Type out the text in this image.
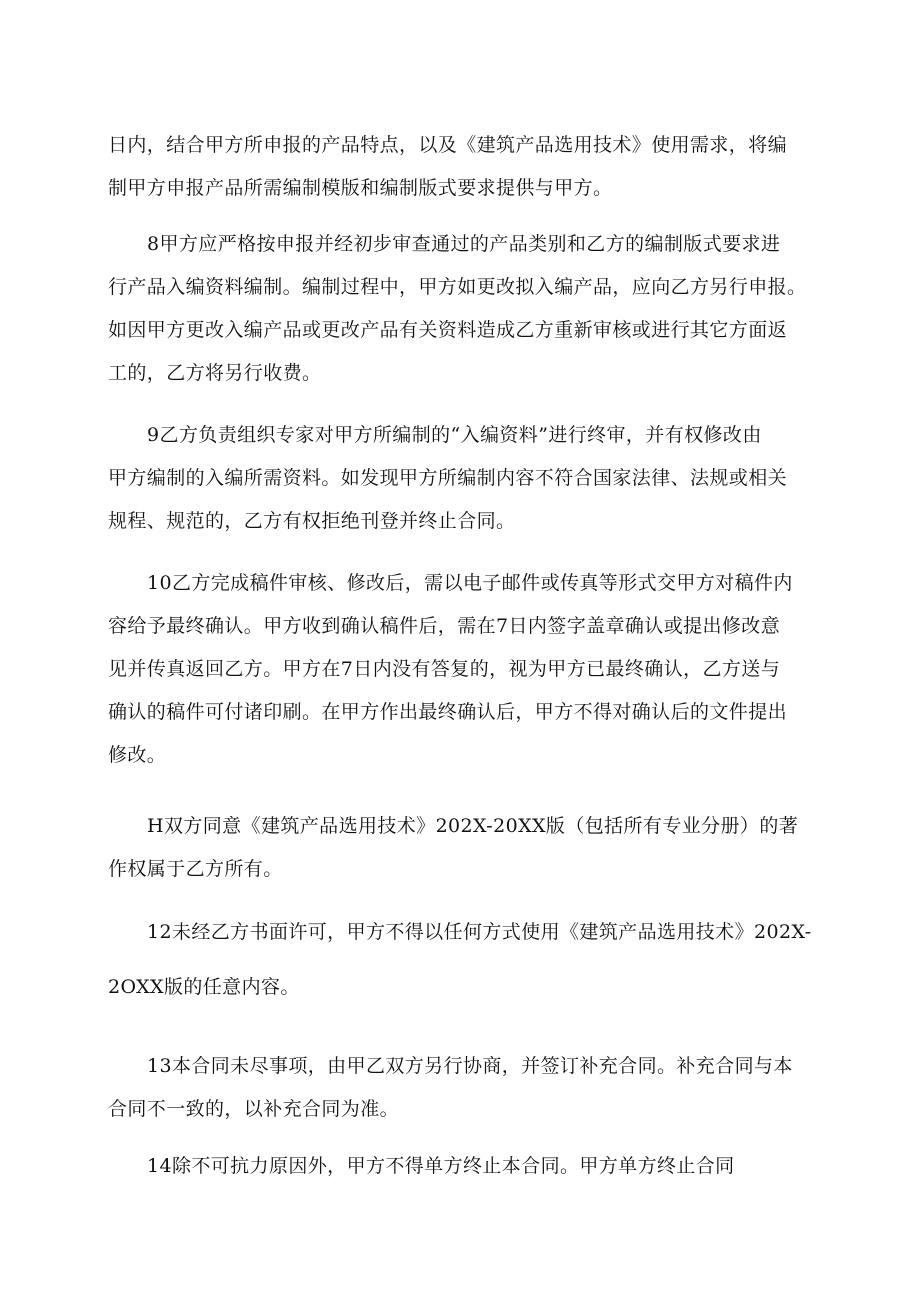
日内，结合甲方所申报的产品特点，以及《建筑产品选用技术》使用需求，将编
制甲方申报产品所需编制模版和编制版式要求提供与甲方。

8甲方应严格按申报并经初步审查通过的产品类别和乙方的编制版式要求进
行产品入编资料编制。编制过程中，甲方如更改拟入编产品，应向乙方另行申报。
如因甲方更改入编产品或更改产品有关资料造成乙方重新审核或进行其它方面返
工的，乙方将另行收费。

9乙方负责组织专家对甲方所编制的“入编资料”进行终审，并有权修改由
甲方编制的入编所需资料。如发现甲方所编制内容不符合国家法律、法规或相关
规程、规范的，乙方有权拒绝刊登并终止合同。

10乙方完成稿件审核、修改后，需以电子邮件或传真等形式交甲方对稿件内
容给予最终确认。甲方收到确认稿件后，需在7日内签字盖章确认或提出修改意
见并传真返回乙方。甲方在7日内没有答复的，视为甲方已最终确认，乙方送与
确认的稿件可付诸印刷。在甲方作出最终确认后，甲方不得对确认后的文件提出
修改。

H双方同意《建筑产品选用技术》202X-20XX版（包括所有专业分册）的著
作权属于乙方所有。

12未经乙方书面许可，甲方不得以任何方式使用《建筑产品选用技术》202X-
2OXX版的任意内容。

13本合同未尽事项，由甲乙双方另行协商，并签订补充合同。补充合同与本
合同不一致的，以补充合同为准。

14除不可抗力原因外，甲方不得单方终止本合同。甲方单方终止合同
